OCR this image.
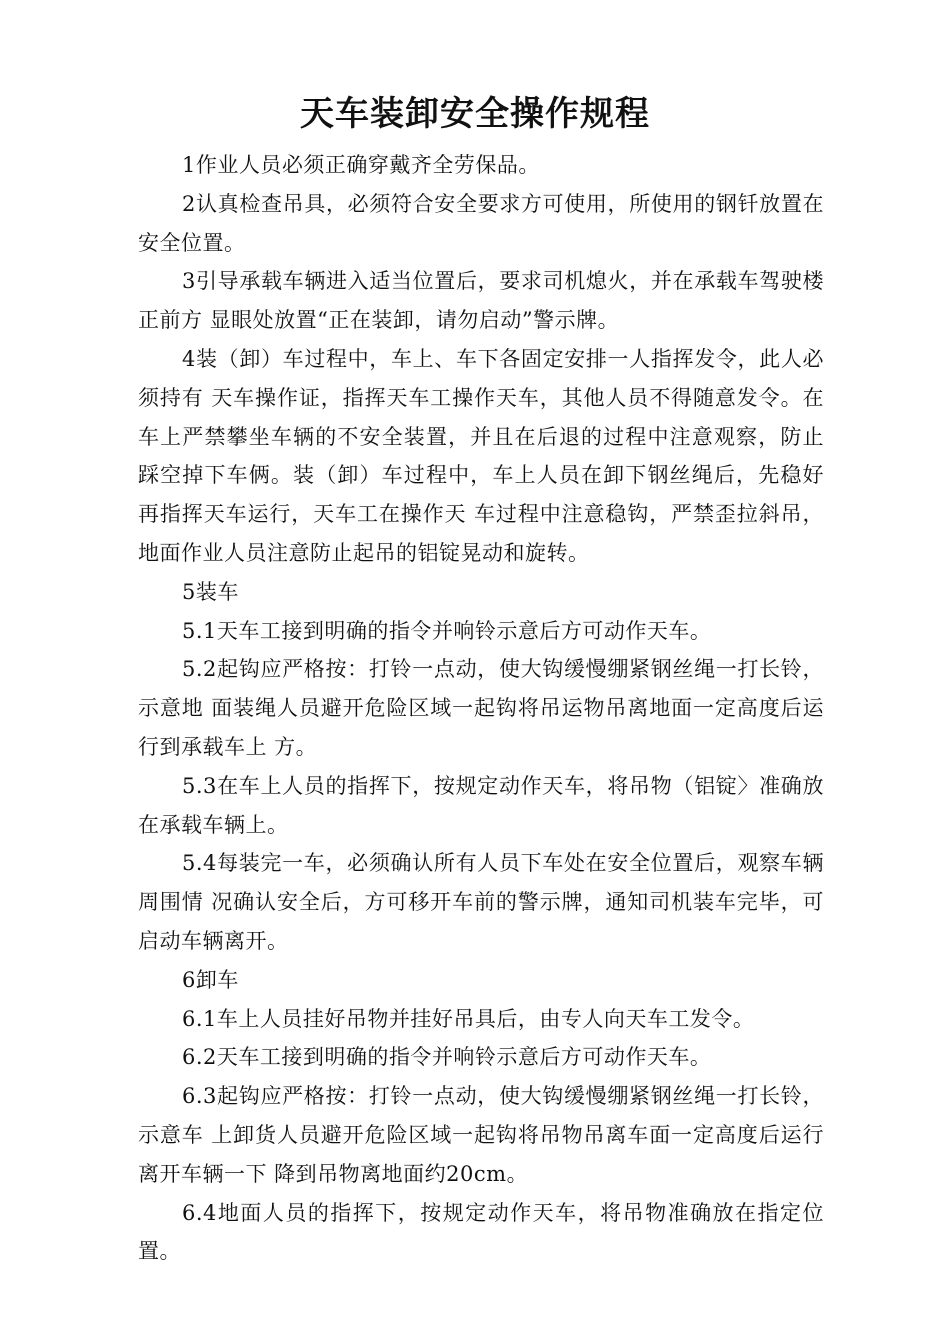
天车装卸安全操作规程

1作业人员必须正确穿戴齐全劳保品。

2认真检查吊具，必须符合安全要求方可使用，所使用的钢钎放置在安全位置。

3引导承载车辆进入适当位置后，要求司机熄火，并在承载车驾驶楼正前方 显眼处放置“正在装卸，请勿启动”警示牌。

4装（卸）车过程中，车上、车下各固定安排一人指挥发令，此人必须持有 天车操作证，指挥天车工操作天车，其他人员不得随意发令。在车上严禁攀坐车辆的不安全装置，并且在后退的过程中注意观察，防止踩空掉下车俩。装（卸）车过程中，车上人员在卸下钢丝绳后，先稳好再指挥天车运行，天车工在操作天 车过程中注意稳钩，严禁歪拉斜吊，地面作业人员注意防止起吊的铝锭晃动和旋转。

5装车

5.1天车工接到明确的指令并响铃示意后方可动作天车。

5.2起钩应严格按：打铃一点动，使大钩缓慢绷紧钢丝绳一打长铃，示意地 面装绳人员避开危险区域一起钩将吊运物吊离地面一定高度后运行到承载车上 方。

5.3在车上人员的指挥下，按规定动作天车，将吊物（铝锭〉准确放在承载车辆上。

5.4每装完一车，必须确认所有人员下车处在安全位置后，观察车辆周围情 况确认安全后，方可移开车前的警示牌，通知司机装车完毕，可启动车辆离开。

6卸车

6.1车上人员挂好吊物并挂好吊具后，由专人向天车工发令。

6.2天车工接到明确的指令并响铃示意后方可动作天车。

6.3起钩应严格按：打铃一点动，使大钩缓慢绷紧钢丝绳一打长铃，示意车 上卸货人员避开危险区域一起钩将吊物吊离车面一定高度后运行离开车辆一下 降到吊物离地面约20cm。

6.4地面人员的指挥下，按规定动作天车，将吊物准确放在指定位置。
